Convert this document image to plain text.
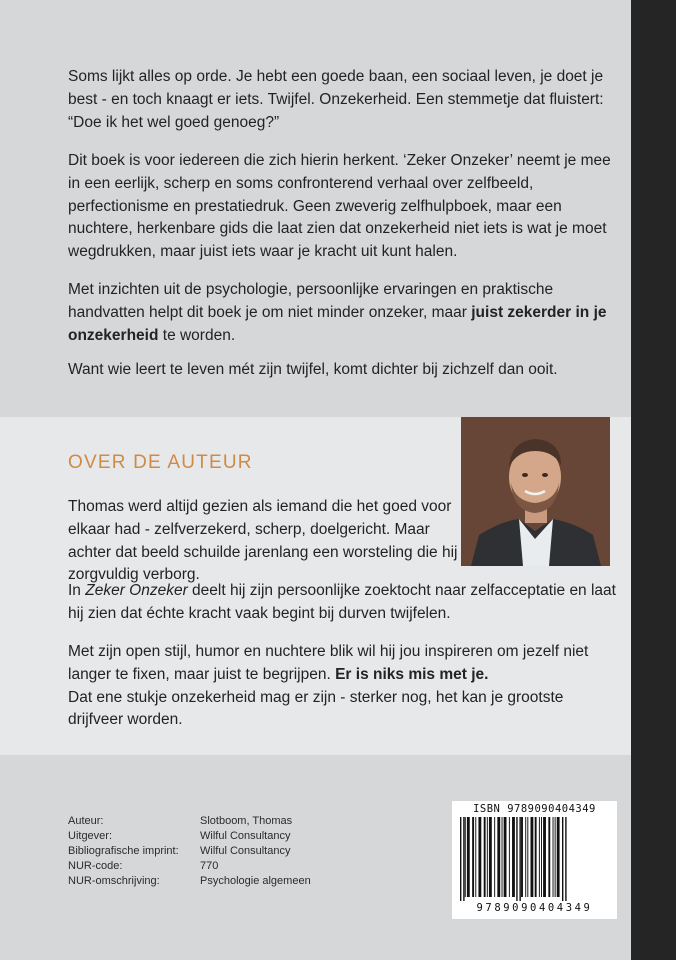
Soms lijkt alles op orde. Je hebt een goede baan, een sociaal leven, je doet je best - en toch knaagt er iets. Twijfel. Onzekerheid. Een stemmetje dat fluistert: “Doe ik het wel goed genoeg?”

Dit boek is voor iedereen die zich hierin herkent. ‘Zeker Onzeker’ neemt je mee in een eerlijk, scherp en soms confronterend verhaal over zelfbeeld, perfectionisme en prestatiedruk. Geen zweverig zelfhulpboek, maar een nuchtere, herkenbare gids die laat zien dat onzekerheid niet iets is wat je moet wegdrukken, maar juist iets waar je kracht uit kunt halen.

Met inzichten uit de psychologie, persoonlijke ervaringen en praktische handvatten helpt dit boek je om niet minder onzeker, maar juist zekerder in je onzekerheid te worden.

Want wie leert te leven mét zijn twijfel, komt dichter bij zichzelf dan ooit.

OVER DE AUTEUR

Thomas werd altijd gezien als iemand die het goed voor elkaar had - zelfverzekerd, scherp, doelgericht. Maar achter dat beeld schuilde jarenlang een worsteling die hij zorgvuldig verborg.

In Zeker Onzeker deelt hij zijn persoonlijke zoektocht naar zelfacceptatie en laat hij zien dat échte kracht vaak begint bij durven twijfelen.

Met zijn open stijl, humor en nuchtere blik wil hij jou inspireren om jezelf niet langer te fixen, maar juist te begrijpen. Er is niks mis met je.
Dat ene stukje onzekerheid mag er zijn - sterker nog, het kan je grootste drijfveer worden.

Auteur:	Slotboom, Thomas
Uitgever:	Wilful Consultancy
Bibliografische imprint:	Wilful Consultancy
NUR-code:	770
NUR-omschrijving:	Psychologie algemeen
ISBN 9789090404349
9789090404349
